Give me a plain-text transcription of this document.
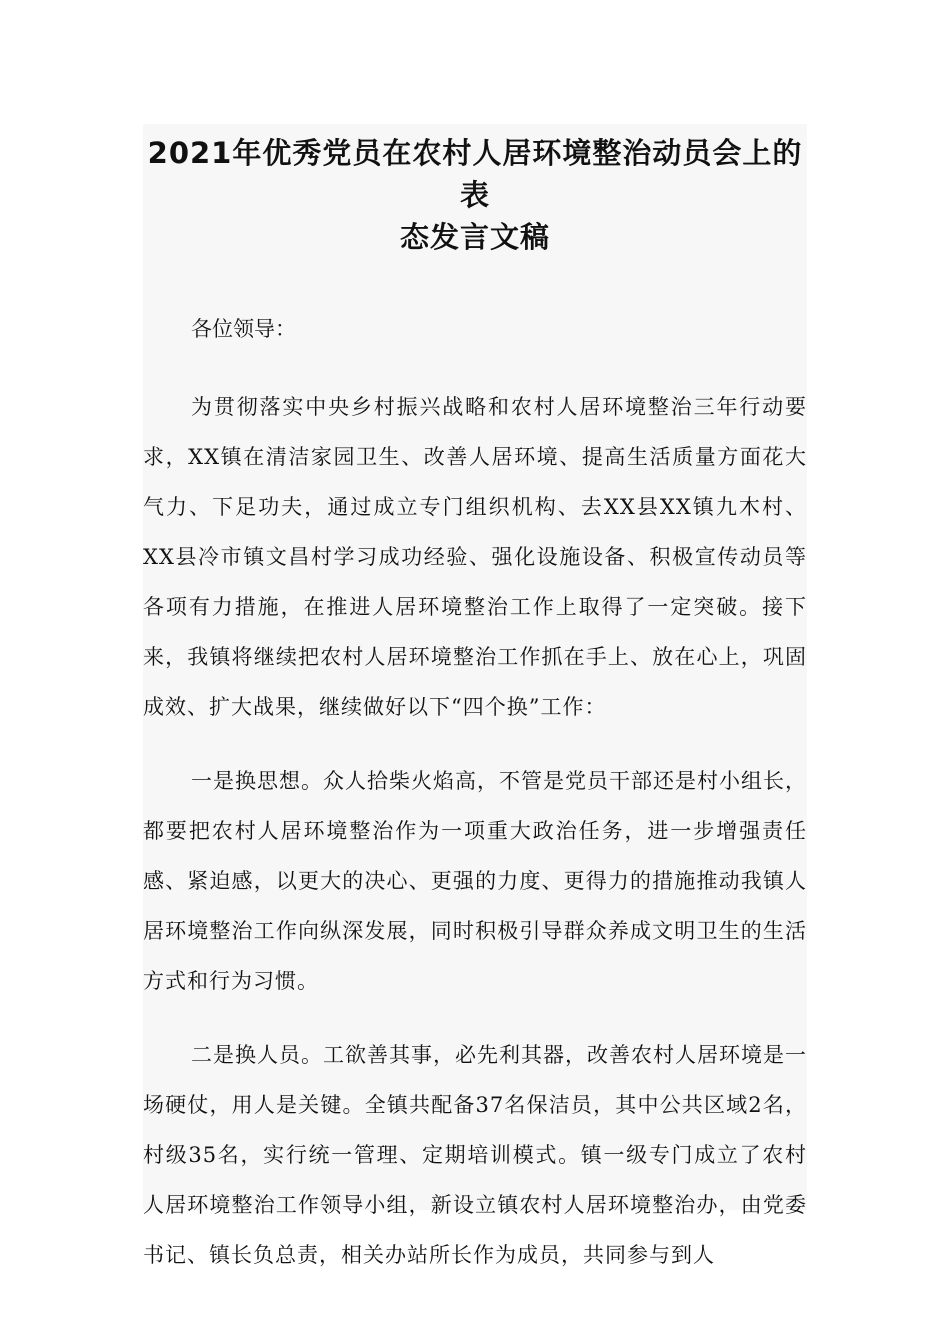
2021年优秀党员在农村人居环境整治动员会上的表
态发言文稿

各位领导：

为贯彻落实中央乡村振兴战略和农村人居环境整治三年行动要求，XX镇在清洁家园卫生、改善人居环境、提高生活质量方面花大气力、下足功夫，通过成立专门组织机构、去XX县XX镇九木村、XX县冷市镇文昌村学习成功经验、强化设施设备、积极宣传动员等各项有力措施，在推进人居环境整治工作上取得了一定突破。接下来，我镇将继续把农村人居环境整治工作抓在手上、放在心上，巩固成效、扩大战果，继续做好以下“四个换”工作：

一是换思想。众人拾柴火焰高，不管是党员干部还是村小组长，都要把农村人居环境整治作为一项重大政治任务，进一步增强责任感、紧迫感，以更大的决心、更强的力度、更得力的措施推动我镇人居环境整治工作向纵深发展，同时积极引导群众养成文明卫生的生活方式和行为习惯。

二是换人员。工欲善其事，必先利其器，改善农村人居环境是一场硬仗，用人是关键。全镇共配备37名保洁员，其中公共区域2名，村级35名，实行统一管理、定期培训模式。镇一级专门成立了农村人居环境整治工作领导小组，新设立镇农村人居环境整治办，由党委书记、镇长负总责，相关办站所长作为成员，共同参与到人
